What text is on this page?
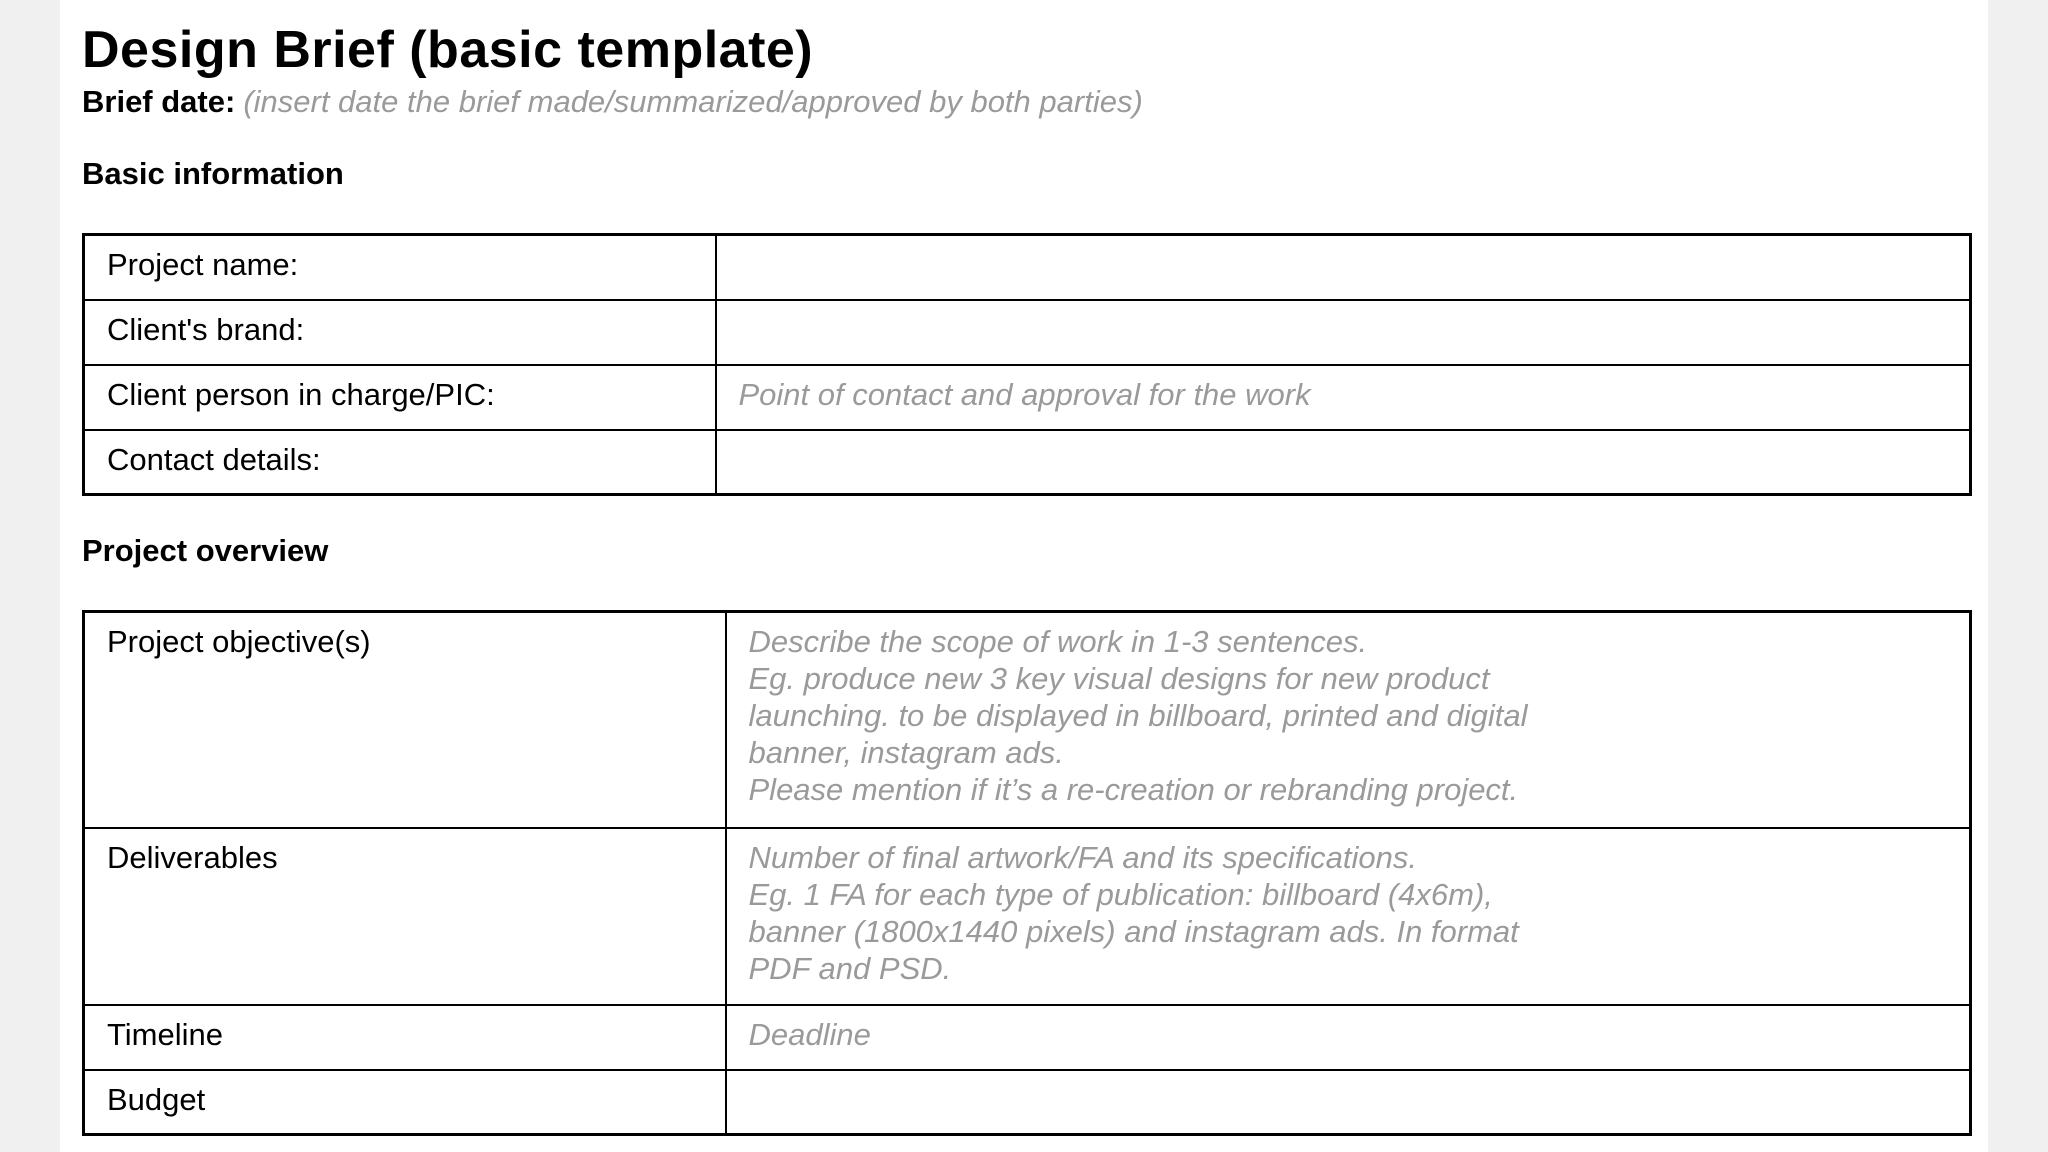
Design Brief (basic template)
Brief date: (insert date the brief made/summarized/approved by both parties)
Basic information
Project name:	
Client's brand:	
Client person in charge/PIC:	Point of contact and approval for the work
Contact details:	
Project overview
Project objective(s)	Describe the scope of work in 1-3 sentences.
Eg. produce new 3 key visual designs for new product
launching. to be displayed in billboard, printed and digital
banner, instagram ads.
Please mention if it’s a re-creation or rebranding project.

Deliverables	Number of final artwork/FA and its specifications.
Eg. 1 FA for each type of publication: billboard (4x6m),
banner (1800x1440 pixels) and instagram ads. In format
PDF and PSD.

Timeline	Deadline

Budget	
